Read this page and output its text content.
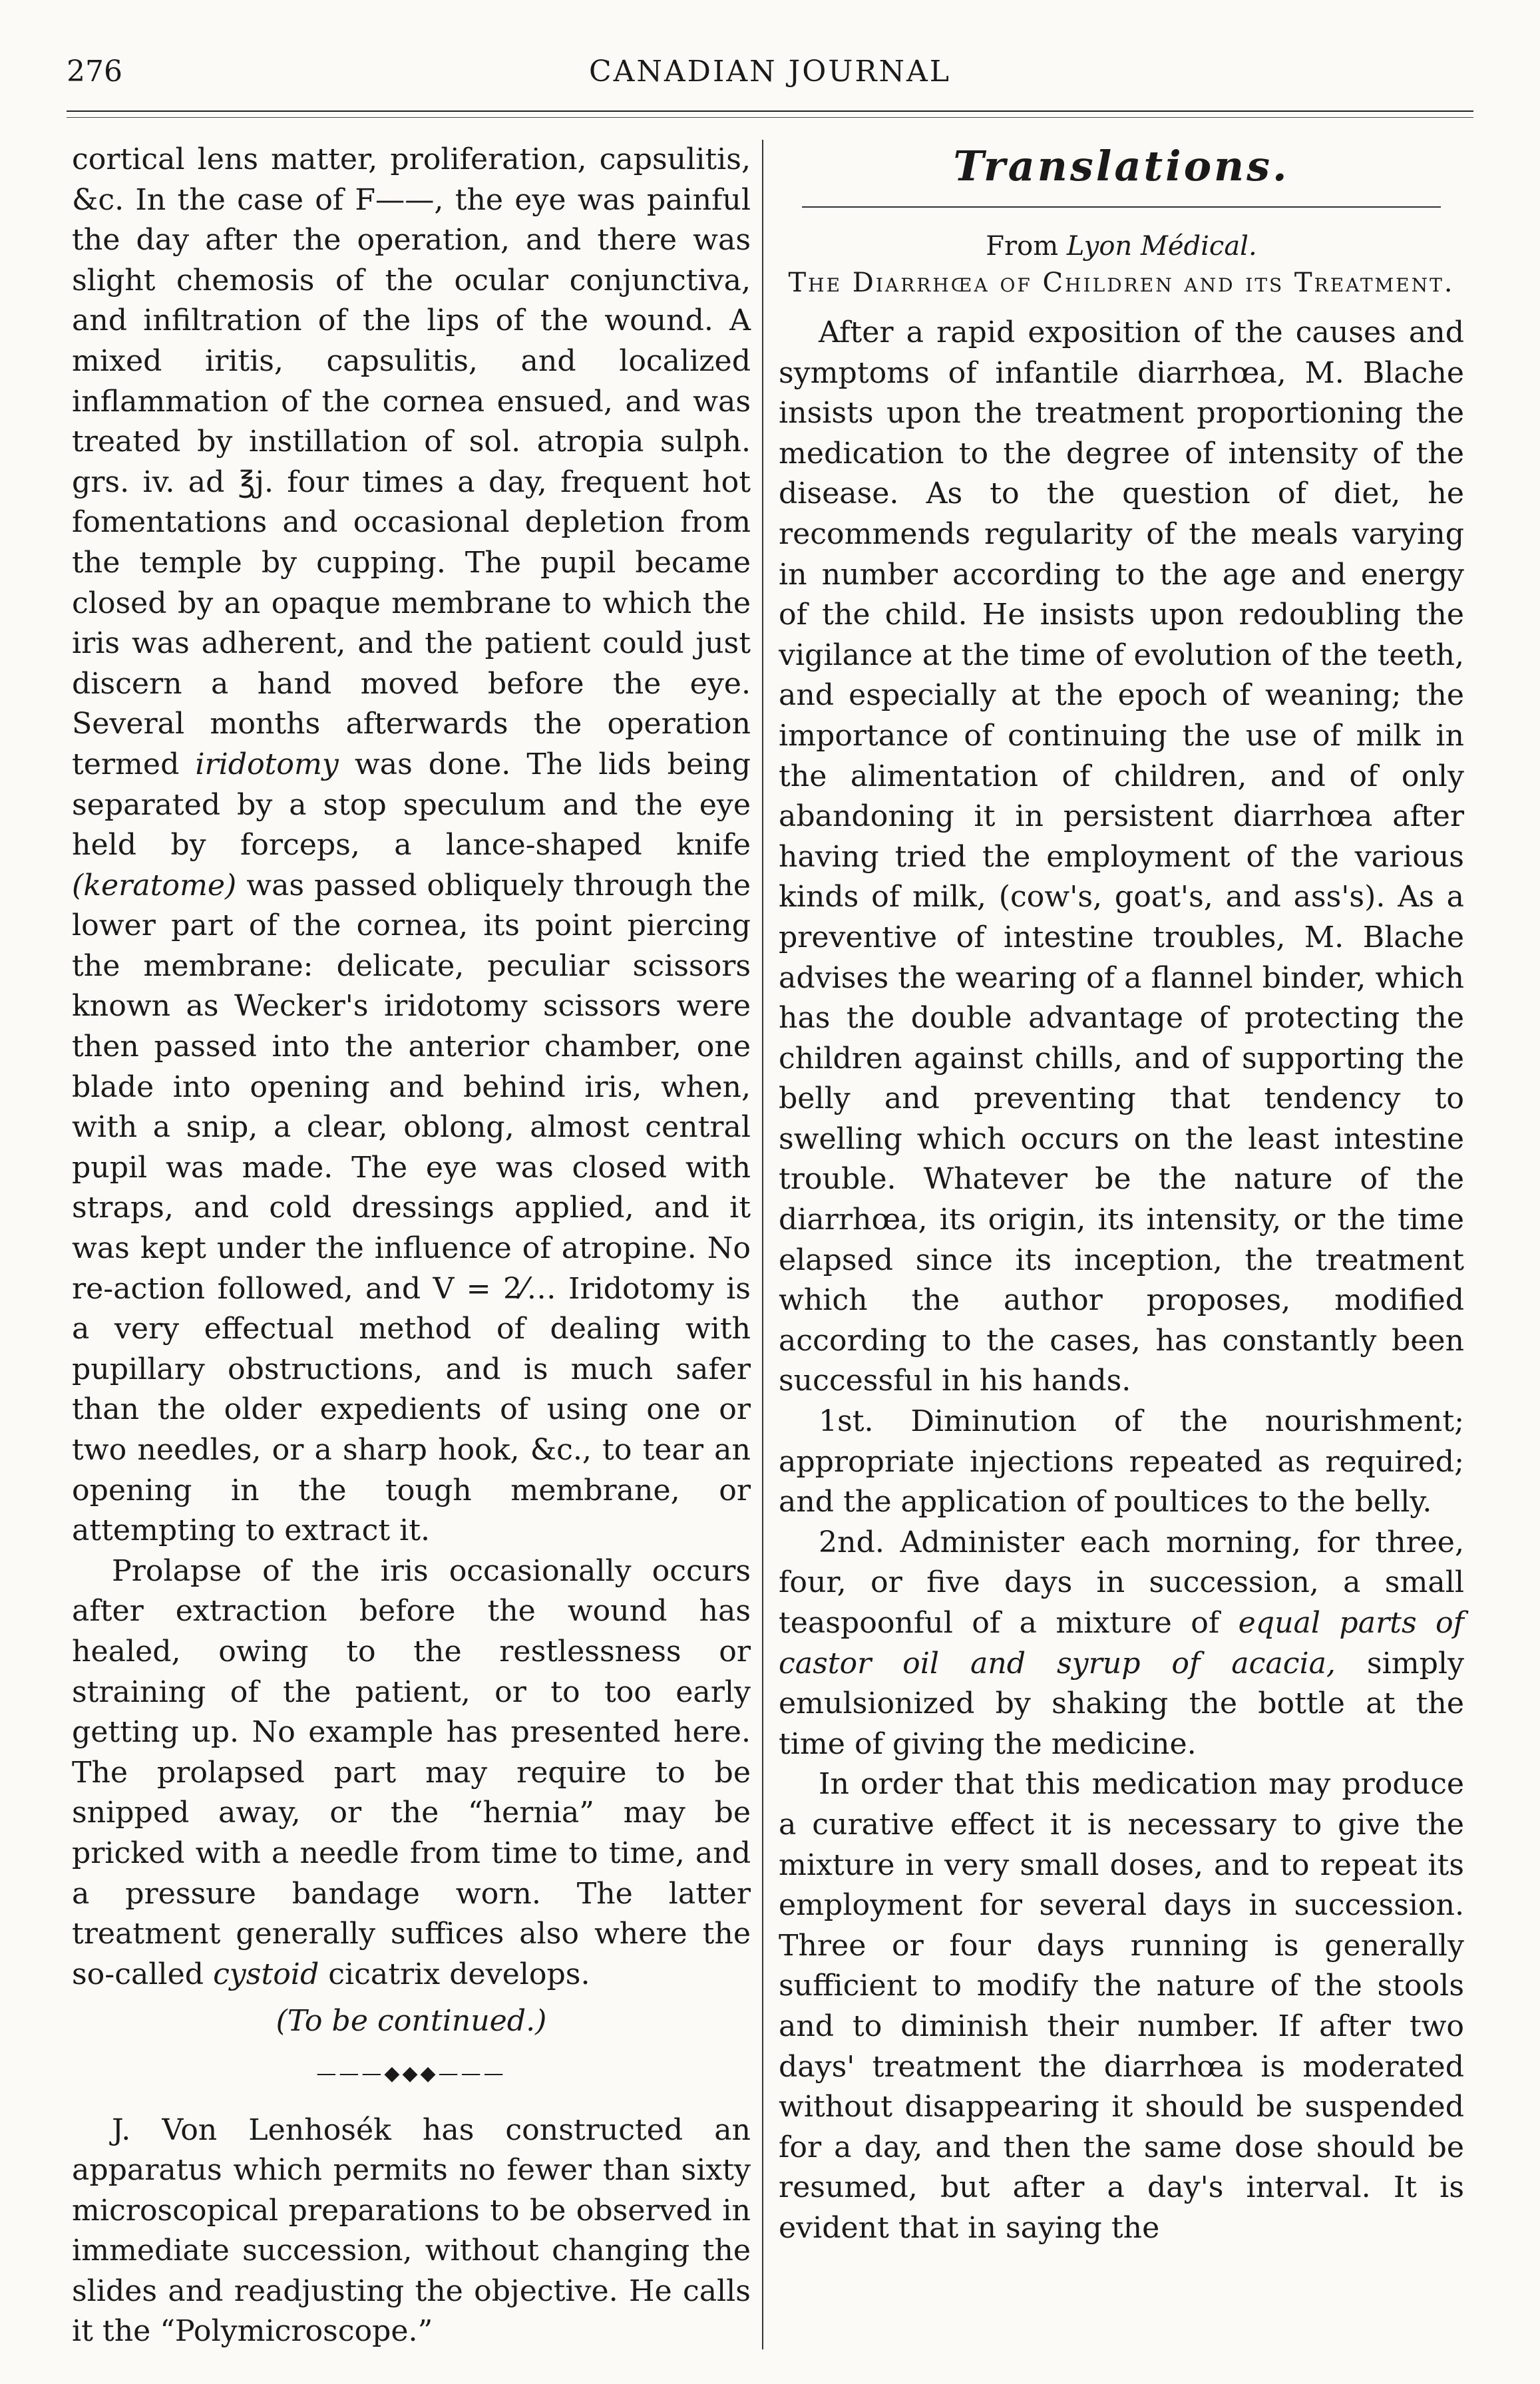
276	CANADIAN JOURNAL

cortical lens matter, proliferation, capsulitis, &c. In the case of F——, the eye was painful the day after the operation, and there was slight chemosis of the ocular conjunctiva, and infiltration of the lips of the wound. A mixed iritis, capsulitis, and localized inflammation of the cornea ensued, and was treated by instillation of sol. atropia sulph. grs. iv. ad ℥j. four times a day, frequent hot fomentations and occasional depletion from the temple by cupping. The pupil became closed by an opaque membrane to which the iris was adherent, and the patient could just discern a hand moved before the eye. Several months afterwards the operation termed iridotomy was done. The lids being separated by a stop speculum and the eye held by forceps, a lance-shaped knife (keratome) was passed obliquely through the lower part of the cornea, its point piercing the membrane: delicate, peculiar scissors known as Wecker's iridotomy scissors were then passed into the anterior chamber, one blade into opening and behind iris, when, with a snip, a clear, oblong, almost central pupil was made. The eye was closed with straps, and cold dressings applied, and it was kept under the influence of atropine. No re-action followed, and V = 2⁄… Iridotomy is a very effectual method of dealing with pupillary obstructions, and is much safer than the older expedients of using one or two needles, or a sharp hook, &c., to tear an opening in the tough membrane, or attempting to extract it.

Prolapse of the iris occasionally occurs after extraction before the wound has healed, owing to the restlessness or straining of the patient, or to too early getting up. No example has presented here. The prolapsed part may require to be snipped away, or the “hernia” may be pricked with a needle from time to time, and a pressure bandage worn. The latter treatment generally suffices also where the so-called cystoid cicatrix develops.

(To be continued.)

———◆◆◆———

J. Von Lenhosék has constructed an apparatus which permits no fewer than sixty microscopical preparations to be observed in immediate succession, without changing the slides and readjusting the objective. He calls it the “Polymicroscope.”

Translations.

From Lyon Médical.

The Diarrhœa of Children and its Treatment.

After a rapid exposition of the causes and symptoms of infantile diarrhœa, M. Blache insists upon the treatment proportioning the medication to the degree of intensity of the disease. As to the question of diet, he recommends regularity of the meals varying in number according to the age and energy of the child. He insists upon redoubling the vigilance at the time of evolution of the teeth, and especially at the epoch of weaning; the importance of continuing the use of milk in the alimentation of children, and of only abandoning it in persistent diarrhœa after having tried the employment of the various kinds of milk, (cow's, goat's, and ass's). As a preventive of intestine troubles, M. Blache advises the wearing of a flannel binder, which has the double advantage of protecting the children against chills, and of supporting the belly and preventing that tendency to swelling which occurs on the least intestine trouble. Whatever be the nature of the diarrhœa, its origin, its intensity, or the time elapsed since its inception, the treatment which the author proposes, modified according to the cases, has constantly been successful in his hands.

1st. Diminution of the nourishment; appropriate injections repeated as required; and the application of poultices to the belly.

2nd. Administer each morning, for three, four, or five days in succession, a small teaspoonful of a mixture of equal parts of castor oil and syrup of acacia, simply emulsionized by shaking the bottle at the time of giving the medicine.

In order that this medication may produce a curative effect it is necessary to give the mixture in very small doses, and to repeat its employment for several days in succession. Three or four days running is generally sufficient to modify the nature of the stools and to diminish their number. If after two days' treatment the diarrhœa is moderated without disappearing it should be suspended for a day, and then the same dose should be resumed, but after a day's interval. It is evident that in saying the
